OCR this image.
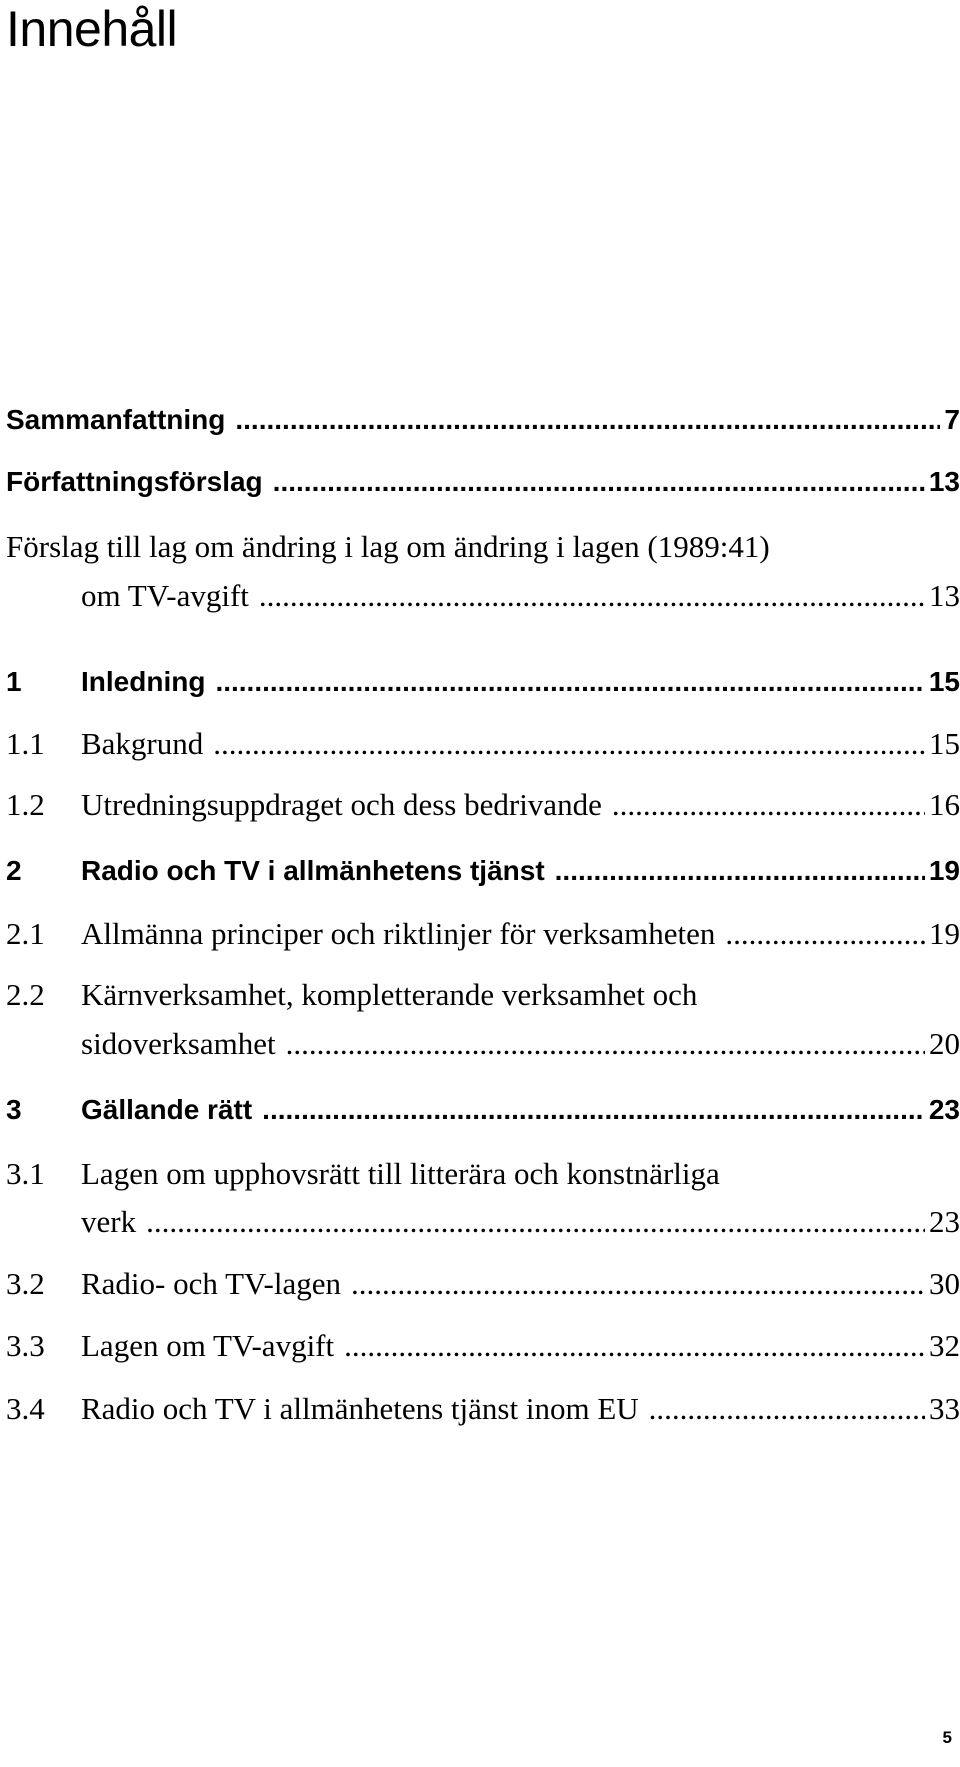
Innehåll
Sammanfattning .....	7
Författningsförslag .....	13
Förslag till lag om ändring i lag om ändring i lagen (1989:41)
om TV-avgift .....	13
1	Inledning .....	15
1.1	Bakgrund .....	15
1.2	Utredningsuppdraget och dess bedrivande .....	16
2	Radio och TV i allmänhetens tjänst .....	19
2.1	Allmänna principer och riktlinjer för verksamheten .....	19
2.2 Kärnverksamhet, kompletterande verksamhet och
sidoverksamhet .....	20
3	Gällande rätt .....	23
3.1 Lagen om upphovsrätt till litterära och konstnärliga
verk .....	23
3.2	Radio- och TV-lagen .....	30
3.3	Lagen om TV-avgift .....	32
3.4	Radio och TV i allmänhetens tjänst inom EU .....	33
5
